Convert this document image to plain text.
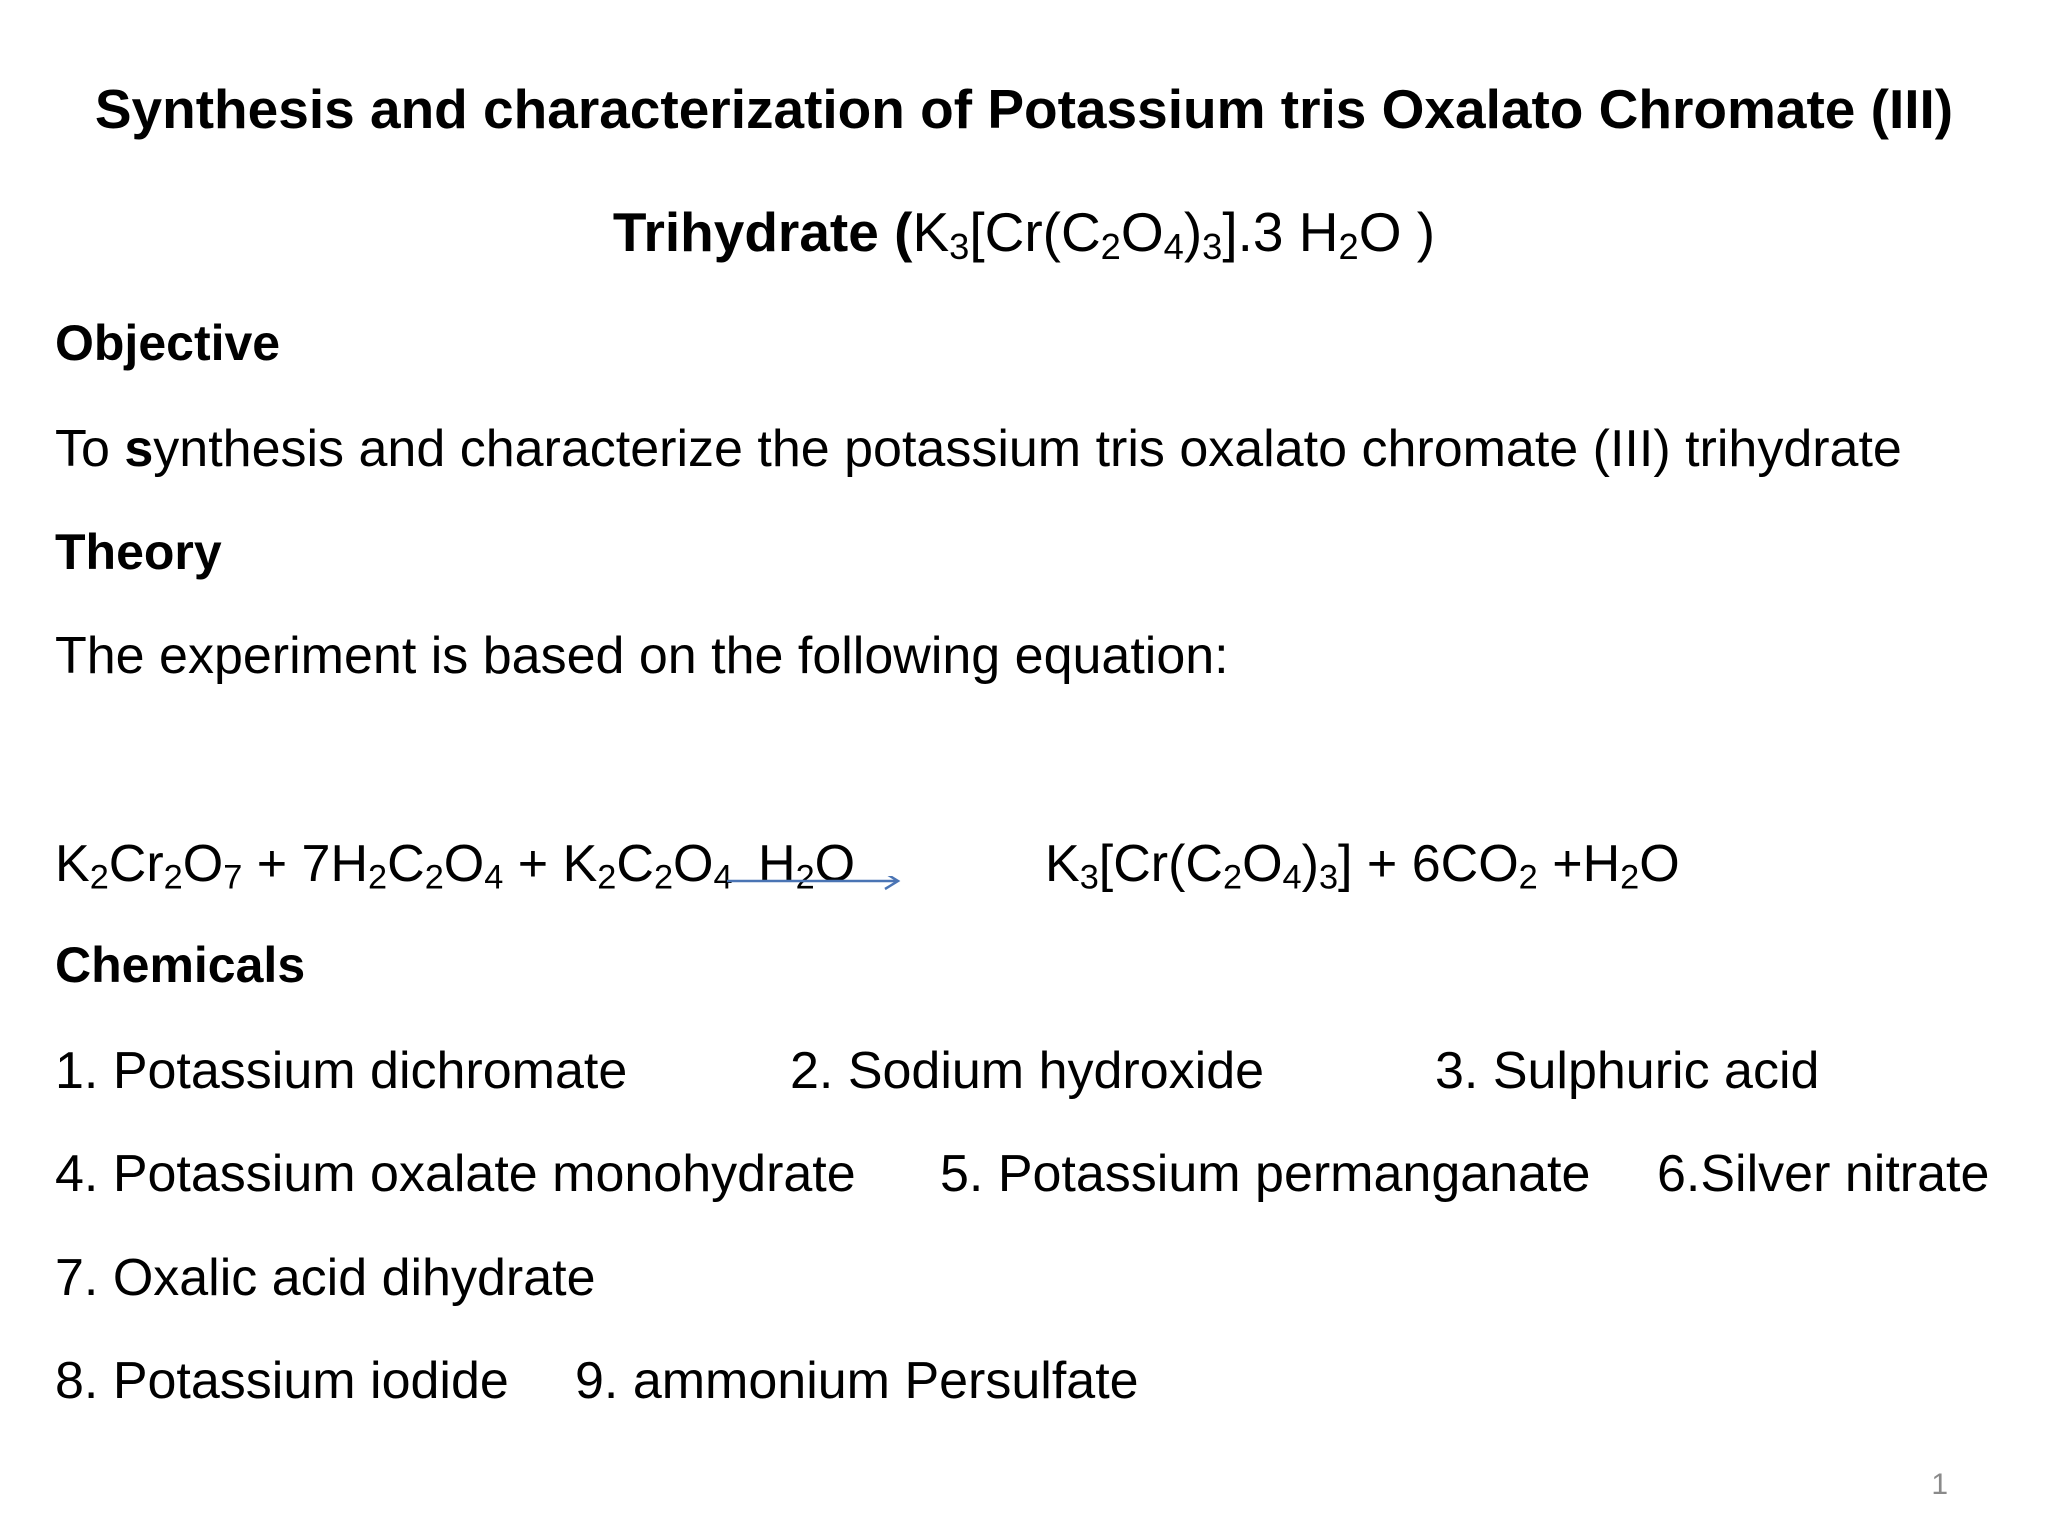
Synthesis and characterization of Potassium tris Oxalato Chromate (III)
Trihydrate ($K_3[Cr(C_2O_4)_3].3$ $H_2O$ )
Objective
To synthesis and characterize the potassium tris oxalato chromate (III) trihydrate
Theory
The experiment is based on the following equation:
$K_2Cr_2O_7 + 7H_2C_2O_4 + K_2C_2O_4$ $H_2O$	$K_3[Cr(C_2O_4)_3] + 6CO_2 +H_2O$
Chemicals
1. Potassium dichromate	2. Sodium hydroxide	3. Sulphuric acid
4. Potassium oxalate monohydrate 5. Potassium permanganate 6.Silver nitrate
7. Oxalic acid dihydrate
8. Potassium iodide 9. ammonium Persulfate
1
